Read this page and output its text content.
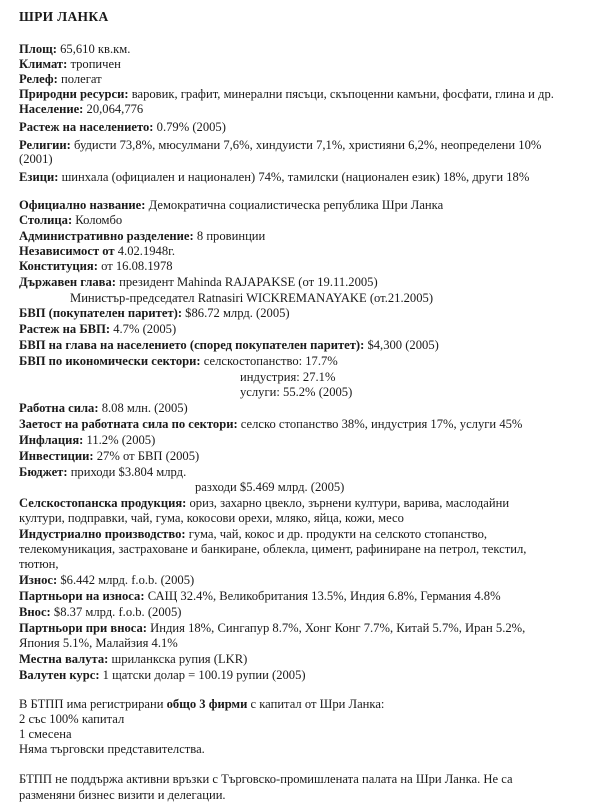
ШРИ ЛАНКА
Площ: 65,610 кв.км.
Климат: тропичен
Релеф: полегат
Природни ресурси: варовик, графит, минерални пясъци, скъпоценни камъни, фосфати, глина и др.
Население: 20,064,776
Растеж на населението: 0.79% (2005)
Религии: будисти 73,8%, мюсулмани 7,6%, хиндуисти 7,1%, християни 6,2%, неопределени 10%
(2001)
Езици: шинхала (официален и национален) 74%, тамилски (национален език) 18%, други 18%
Официално название: Демократична социалистическа република Шри Ланка
Столица: Коломбо
Административно разделение: 8 провинции
Независимост от 4.02.1948г.
Конституция: от 16.08.1978
Държавен глава: президент Mahinda RAJAPAKSE (от 19.11.2005)
Министър-председател Ratnasiri WICKREMANAYAKE (от.21.2005)
БВП (покупателен паритет): $86.72 млрд. (2005)
Растеж на БВП: 4.7% (2005)
БВП на глава на населението (според покупателен паритет): $4,300 (2005)
БВП по икономически сектори: селскостопанство: 17.7%
индустрия: 27.1%
услуги: 55.2% (2005)
Работна сила: 8.08 млн. (2005)
Заетост на работната сила по сектори: селско стопанство 38%, индустрия 17%, услуги 45%
Инфлация: 11.2% (2005)
Инвестиции: 27% от БВП (2005)
Бюджет: приходи $3.804 млрд.
разходи $5.469 млрд. (2005)
Селскостопанска продукция: ориз, захарно цвекло, зърнени култури, варива, маслодайни
култури, подправки, чай, гума, кокосови орехи, мляко, яйца, кожи, месо
Индустриално производство: гума, чай, кокос и др. продукти на селското стопанство,
телекомуникация, застраховане и банкиране, облекла, цимент, рафиниране на петрол, текстил,
тютюн,
Износ: $6.442 млрд. f.o.b. (2005)
Партньори на износа: САЩ 32.4%, Великобритания 13.5%, Индия 6.8%, Германия 4.8%
Внос: $8.37 млрд. f.o.b. (2005)
Партньори при вноса: Индия 18%, Сингапур 8.7%, Хонг Конг 7.7%, Китай 5.7%, Иран 5.2%,
Япония 5.1%, Малайзия 4.1%
Местна валута: шриланкска рупия (LKR)
Валутен курс: 1 щатски долар = 100.19 рупии (2005)
В БТПП има регистрирани общо 3 фирми с капитал от Шри Ланка:
2 със 100% капитал
1 смесена
Няма търговски представителства.
БТПП не поддържа активни връзки с Търговско-промишлената палата на Шри Ланка. Не са
разменяни бизнес визити и делегации.
